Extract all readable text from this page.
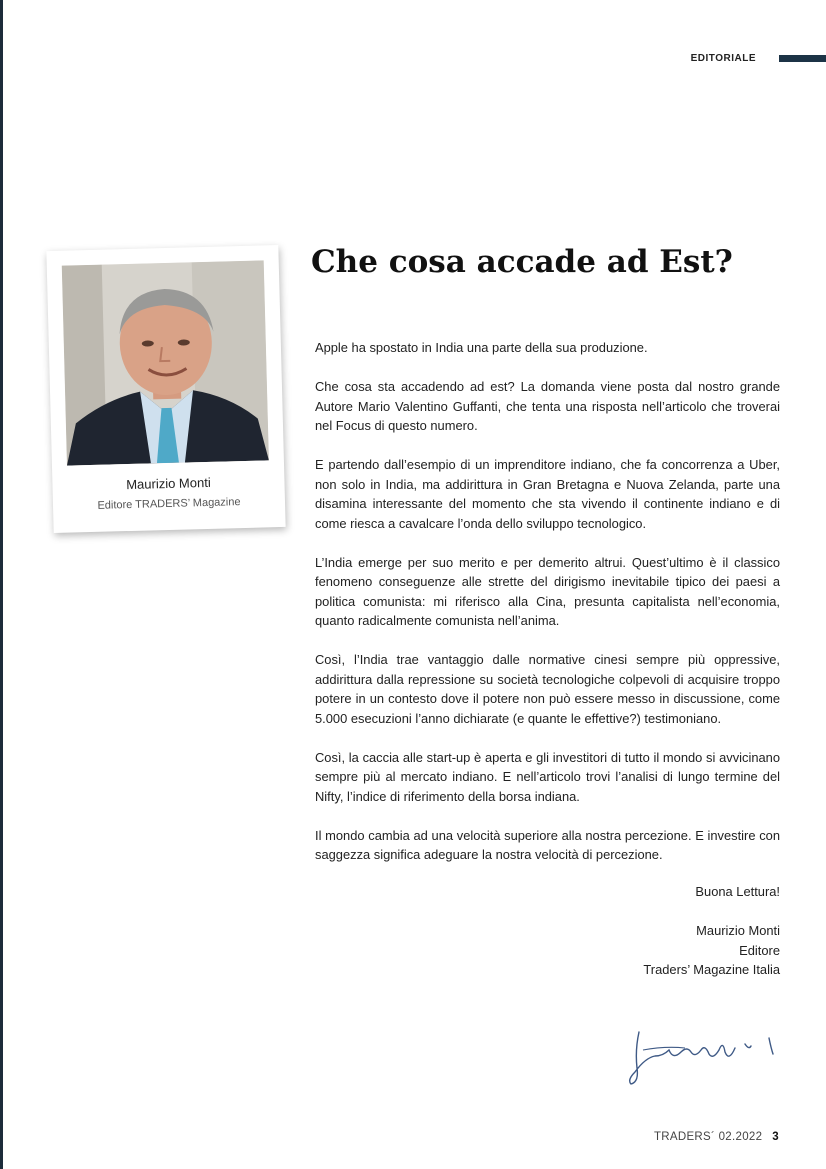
EDITORIALE
Maurizio Monti
Editore TRADERS’ Magazine
Che cosa accade ad Est?

Apple ha spostato in India una parte della sua produzione.

Che cosa sta accadendo ad est? La domanda viene posta dal nostro grande Autore Mario Valentino Guffanti, che tenta una risposta nell’articolo che troverai nel Focus di questo numero.

E partendo dall’esempio di un imprenditore indiano, che fa concorrenza a Uber, non solo in India, ma addirittura in Gran Bretagna e Nuova Zelanda, parte una disamina interessante del momento che sta vivendo il continente indiano e di come riesca a cavalcare l’onda dello sviluppo tecnologico.

L’India emerge per suo merito e per demerito altrui. Quest’ultimo è il classico fenomeno conseguenze alle strette del dirigismo inevitabile tipico dei paesi a politica comunista: mi riferisco alla Cina, presunta capitalista nell’economia, quanto radicalmente comunista nell’anima.

Così, l’India trae vantaggio dalle normative cinesi sempre più oppressive, addirittura dalla repressione su società tecnologiche colpevoli di acquisire troppo potere in un contesto dove il potere non può essere messo in discussione, come 5.000 esecuzioni l’anno dichiarate (e quante le effettive?) testimoniano.

Così, la caccia alle start-up è aperta e gli investitori di tutto il mondo si avvicinano sempre più al mercato indiano. E nell’articolo trovi l’analisi di lungo termine del Nifty, l’indice di riferimento della borsa indiana.

Il mondo cambia ad una velocità superiore alla nostra percezione. E investire con saggezza significa adeguare la nostra velocità di percezione.

Buona Lettura!
Maurizio Monti
Editore
Traders’ Magazine Italia
TRADERS´ 02.2022 3
